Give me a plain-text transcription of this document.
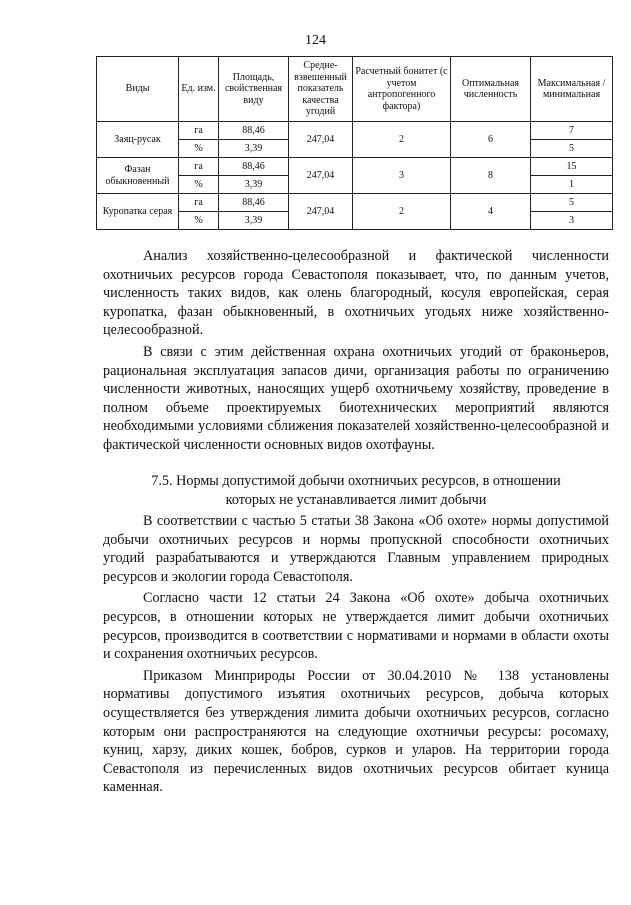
124
Виды	Ед. изм.	Площадь, свойственная виду	Средне-взвешенный показатель качества угодий	Расчетный бонитет (с учетом антропогенного фактора)	Оптимальная численность	Максимальная /минимальная
Заяц-русак	га	88,46	247,04	2	6	7
	%	3,39				5
Фазан обыкновенный	га	88,46	247,04	3	8	15
	%	3,39				1
Куропатка серая	га	88,46	247,04	2	4	5
	%	3,39				3

Анализ хозяйственно-целесообразной и фактической численности охотничьих ресурсов города Севастополя показывает, что, по данным учетов, численность таких видов, как олень благородный, косуля европейская, серая куропатка, фазан обыкновенный, в охотничьих угодьях ниже хозяйственно-целесообразной.

В связи с этим действенная охрана охотничьих угодий от браконьеров, рациональная эксплуатация запасов дичи, организация работы по ограничению численности животных, наносящих ущерб охотничьему хозяйству, проведение в полном объеме проектируемых биотехнических мероприятий являются необходимыми условиями сближения показателей хозяйственно-целесообразной и фактической численности основных видов охотфауны.

7.5. Нормы допустимой добычи охотничьих ресурсов, в отношении
которых не устанавливается лимит добычи

В соответствии с частью 5 статьи 38 Закона «Об охоте» нормы допустимой добычи охотничьих ресурсов и нормы пропускной способности охотничьих угодий разрабатываются и утверждаются Главным управлением природных ресурсов и экологии города Севастополя.

Согласно части 12 статьи 24 Закона «Об охоте» добыча охотничьих ресурсов, в отношении которых не утверждается лимит добычи охотничьих ресурсов, производится в соответствии с нормативами и нормами в области охоты и сохранения охотничьих ресурсов.

Приказом Минприроды России от 30.04.2010 № 138 установлены нормативы допустимого изъятия охотничьих ресурсов, добыча которых осуществляется без утверждения лимита добычи охотничьих ресурсов, согласно которым они распространяются на следующие охотничьи ресурсы: росомаху, куниц, харзу, диких кошек, бобров, сурков и уларов. На территории города Севастополя из перечисленных видов охотничьих ресурсов обитает куница каменная.
